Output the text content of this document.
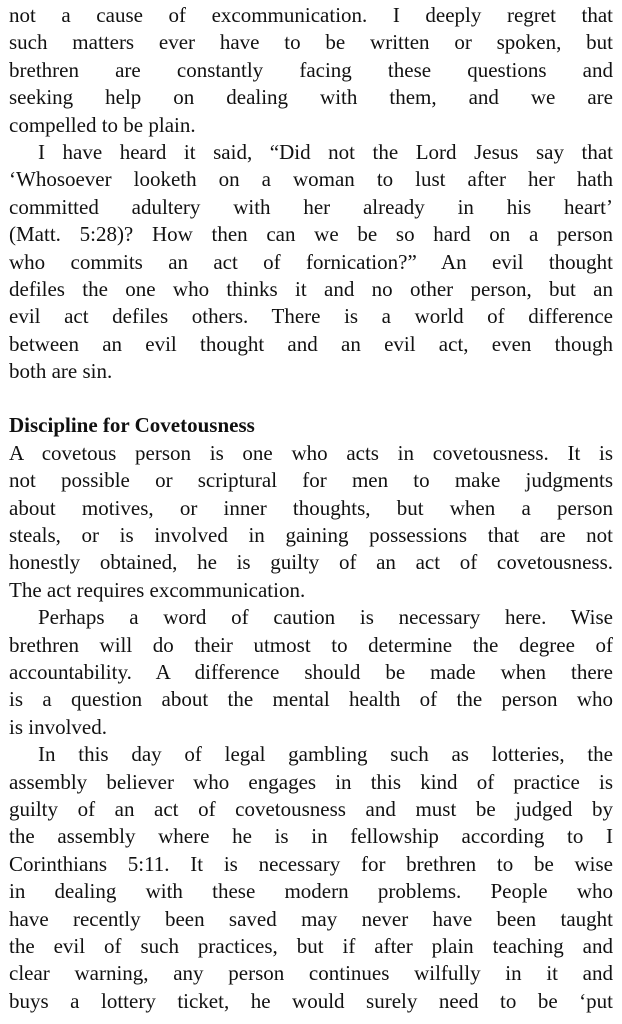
not a cause of excommunication. I deeply regret that
such matters ever have to be written or spoken, but
brethren are constantly facing these questions and
seeking help on dealing with them, and we are
compelled to be plain.
I have heard it said, “Did not the Lord Jesus say that
‘Whosoever looketh on a woman to lust after her hath
committed adultery with her already in his heart’
(Matt. 5:28)? How then can we be so hard on a person
who commits an act of fornication?” An evil thought
defiles the one who thinks it and no other person, but an
evil act defiles others. There is a world of difference
between an evil thought and an evil act, even though
both are sin.
Discipline for Covetousness
A covetous person is one who acts in covetousness. It is
not possible or scriptural for men to make judgments
about motives, or inner thoughts, but when a person
steals, or is involved in gaining possessions that are not
honestly obtained, he is guilty of an act of covetousness.
The act requires excommunication.
Perhaps a word of caution is necessary here. Wise
brethren will do their utmost to determine the degree of
accountability. A difference should be made when there
is a question about the mental health of the person who
is involved.
In this day of legal gambling such as lotteries, the
assembly believer who engages in this kind of practice is
guilty of an act of covetousness and must be judged by
the assembly where he is in fellowship according to I
Corinthians 5:11. It is necessary for brethren to be wise
in dealing with these modern problems. People who
have recently been saved may never have been taught
the evil of such practices, but if after plain teaching and
clear warning, any person continues wilfully in it and
buys a lottery ticket, he would surely need to be ‘put
